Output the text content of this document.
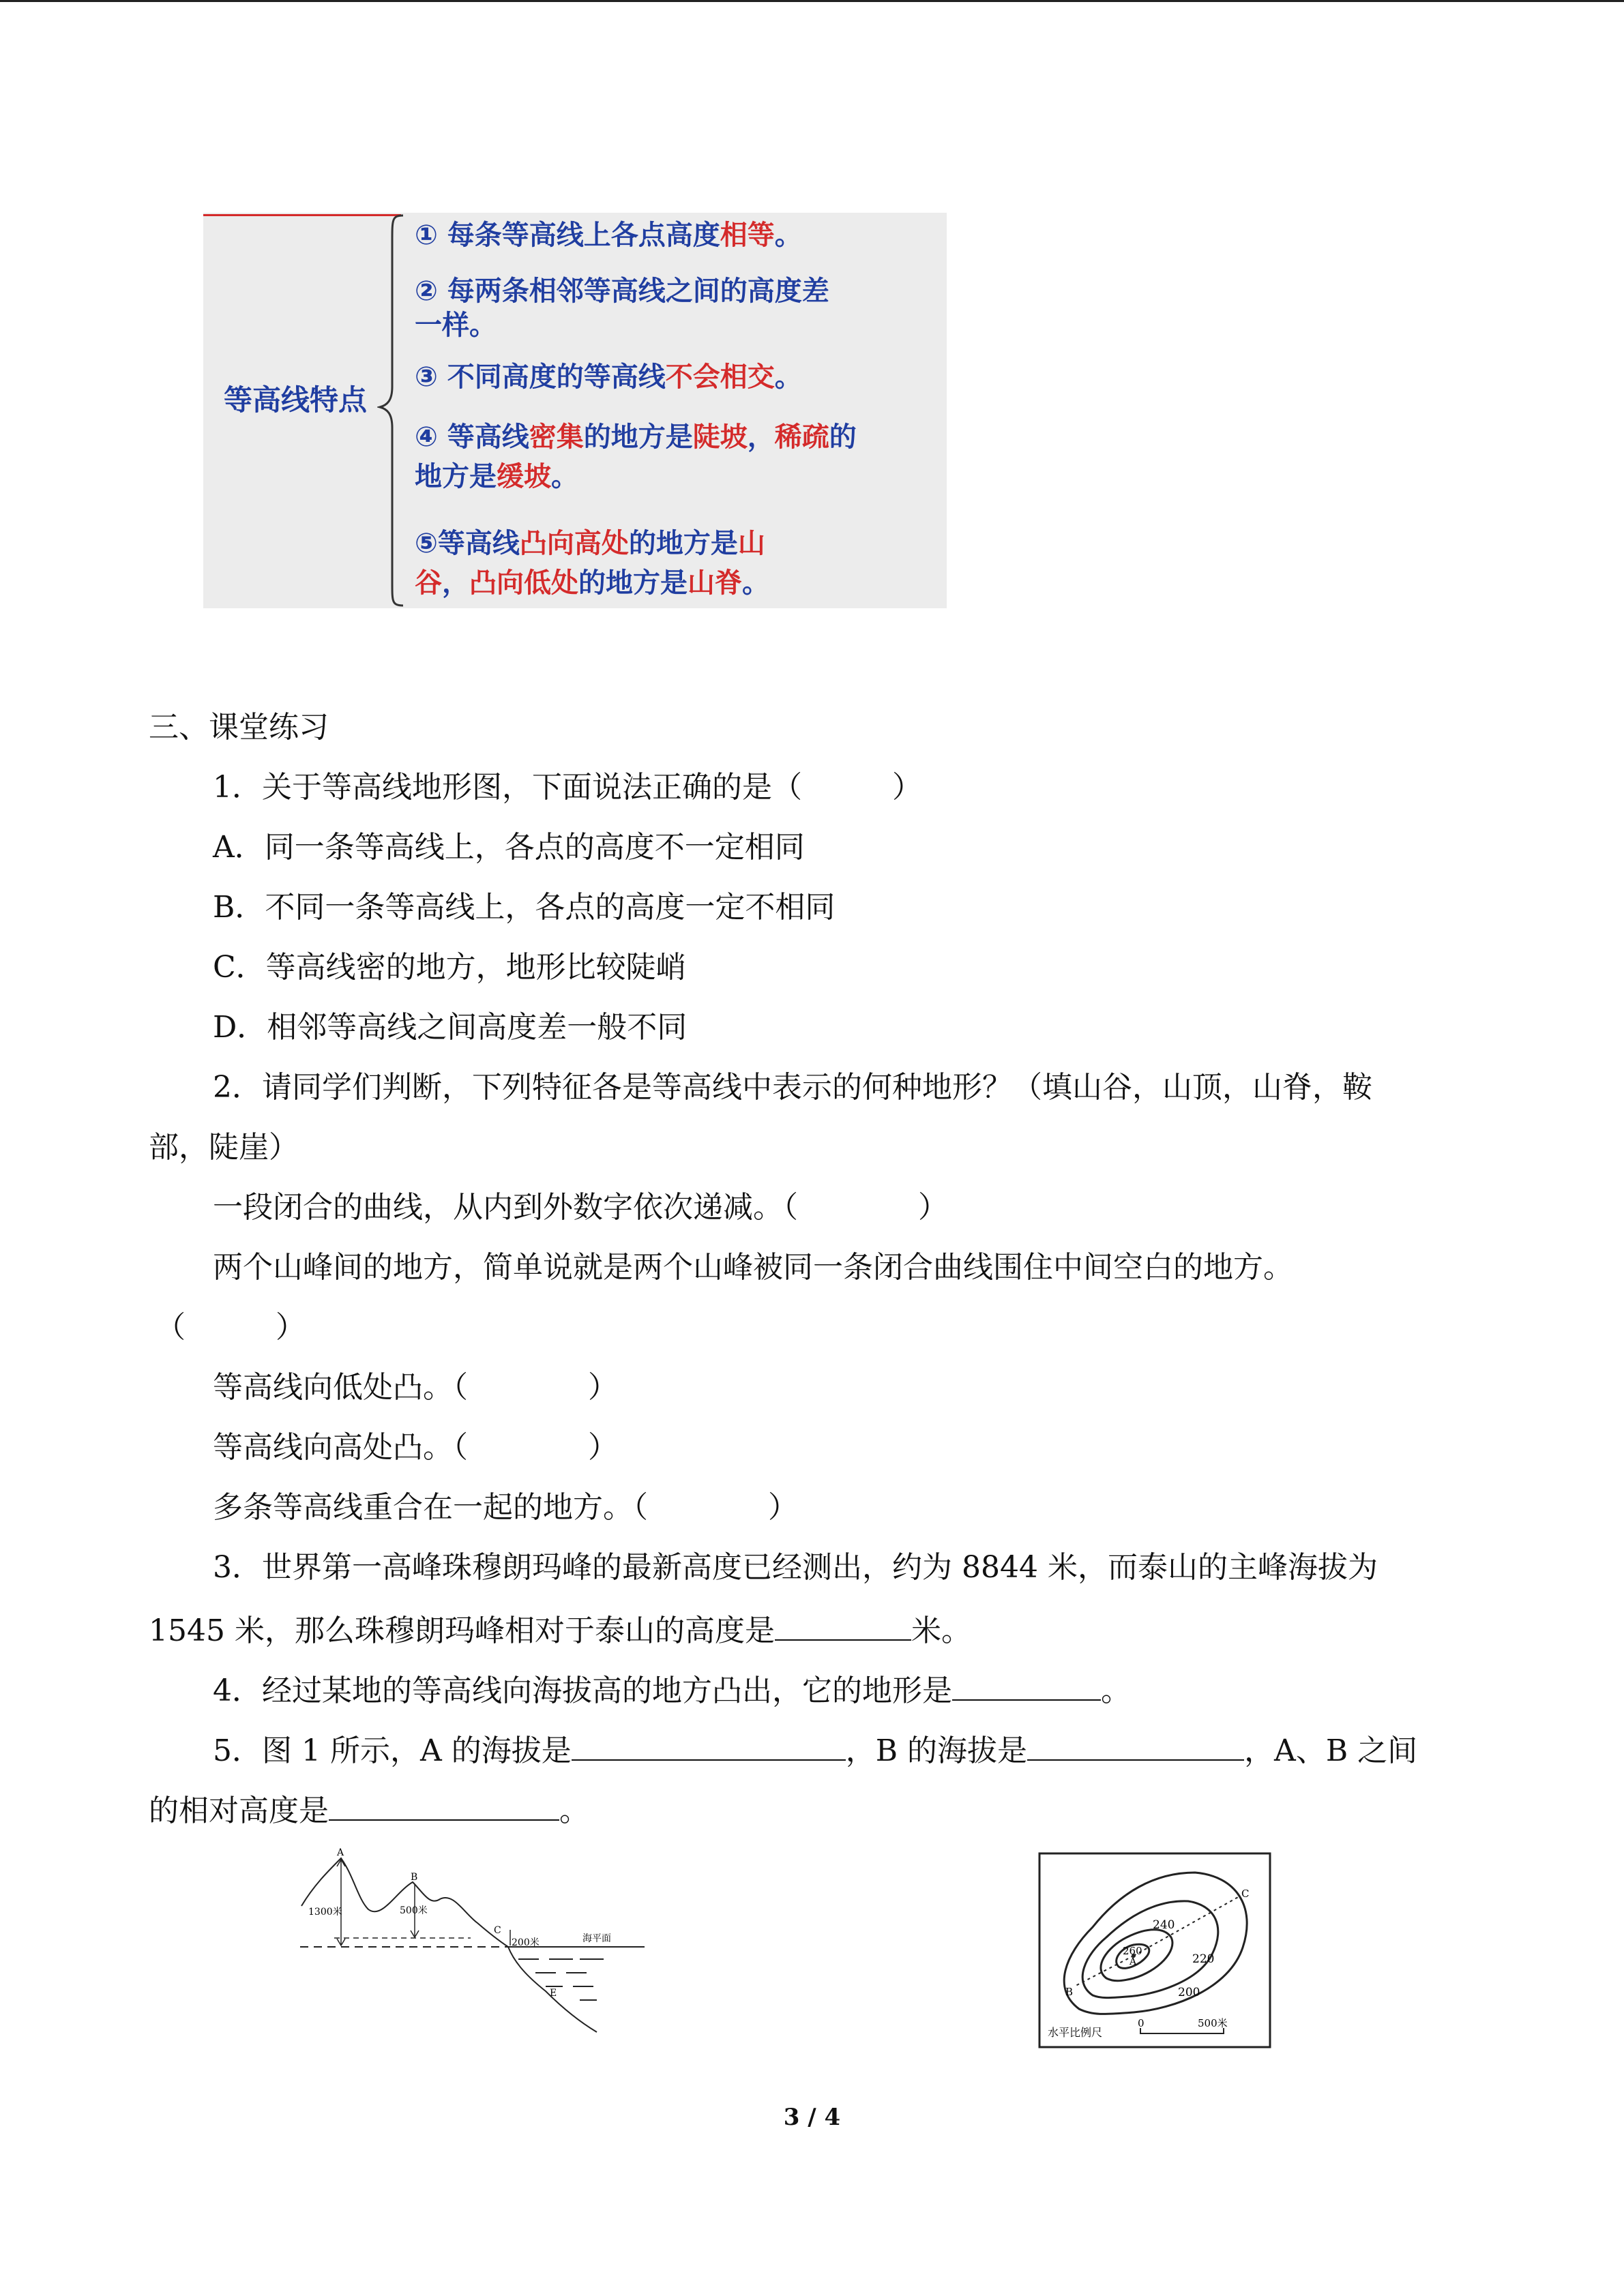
等高线特点
① 每条等高线上各点高度相等。
② 每两条相邻等高线之间的高度差
一样。
③ 不同高度的等高线不会相交。
④ 等高线密集的地方是陡坡，稀疏的
地方是缓坡。
⑤等高线凸向高处的地方是山
谷，凸向低处的地方是山脊。
三、课堂练习
1．关于等高线地形图，下面说法正确的是（　　　）
A．同一条等高线上，各点的高度不一定相同
B．不同一条等高线上，各点的高度一定不相同
C．等高线密的地方，地形比较陡峭
D．相邻等高线之间高度差一般不同
2．请同学们判断，下列特征各是等高线中表示的何种地形？（填山谷，山顶，山脊，鞍
部，陡崖）
一段闭合的曲线，从内到外数字依次递减。（　　　　）
两个山峰间的地方，简单说就是两个山峰被同一条闭合曲线围住中间空白的地方。
（　　　）
等高线向低处凸。（　　　　）
等高线向高处凸。（　　　　）
多条等高线重合在一起的地方。（　　　　）
3．世界第一高峰珠穆朗玛峰的最新高度已经测出，约为 8844 米，而泰山的主峰海拔为
1545 米，那么珠穆朗玛峰相对于泰山的高度是	米。
4．经过某地的等高线向海拔高的地方凸出，它的地形是	。
5．图 1 所示，A 的海拔是	，B 的海拔是	，A、B 之间
的相对高度是	。
A
B
C
E
1300米	500米
200米	海平面
240
220
200
260
A
B
C
水平比例尺
0	500米
3 / 4
